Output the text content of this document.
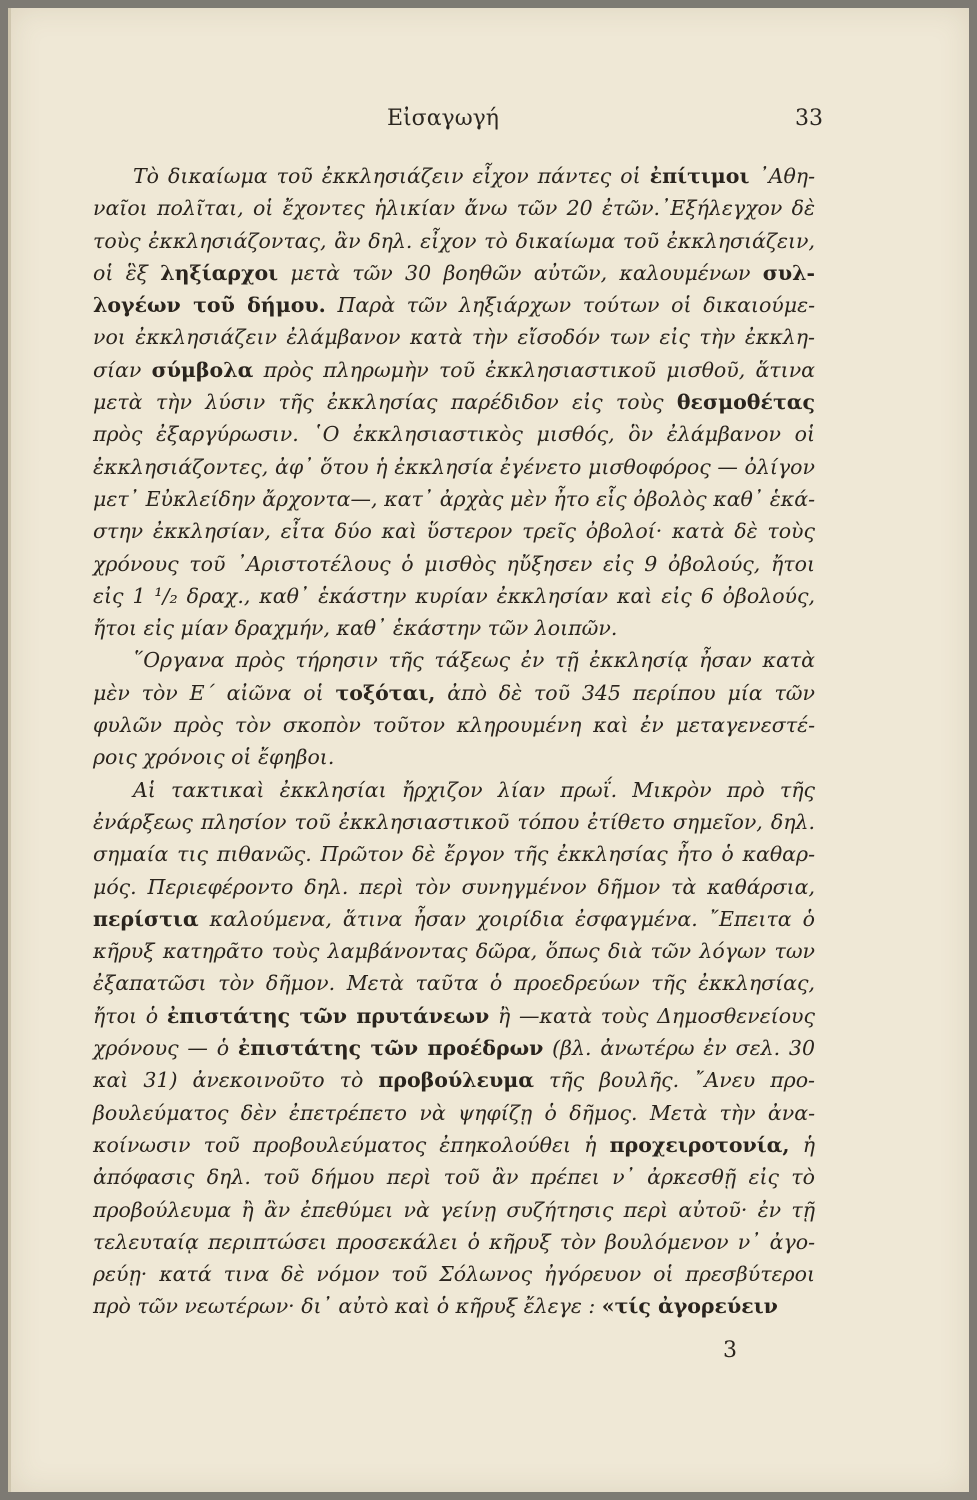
Εἰσαγωγή	33
Τὸ δικαίωμα τοῦ ἐκκλησιάζειν εἶχον πάντες οἱ ἐπίτιμοι ᾿Αθη-
ναῖοι πολῖται, οἱ ἔχοντες ἡλικίαν ἄνω τῶν 20 ἐτῶν.᾿Εξήλεγχον δὲ
τοὺς ἐκκλησιάζοντας, ἂν δηλ. εἶχον τὸ δικαίωμα τοῦ ἐκκλησιάζειν,
οἱ ἓξ ληξίαρχοι μετὰ τῶν 30 βοηθῶν αὐτῶν, καλουμένων συλ-
λογέων τοῦ δήμου. Παρὰ τῶν ληξιάρχων τούτων οἱ δικαιούμε-
νοι ἐκκλησιάζειν ἐλάμβανον κατὰ τὴν εἴσοδόν των εἰς τὴν ἐκκλη-
σίαν σύμβολα πρὸς πληρωμὴν τοῦ ἐκκλησιαστικοῦ μισθοῦ, ἅτινα
μετὰ τὴν λύσιν τῆς ἐκκλησίας παρέδιδον εἰς τοὺς θεσμοθέτας
πρὸς ἐξαργύρωσιν. ῾Ο ἐκκλησιαστικὸς μισθός, ὃν ἐλάμβανον οἱ
ἐκκλησιάζοντες, ἀφ᾿ ὅτου ἡ ἐκκλησία ἐγένετο μισθοφόρος — ὀλίγον
μετ᾿ Εὐκλείδην ἄρχοντα—, κατ᾿ ἀρχὰς μὲν ἦτο εἷς ὀβολὸς καθ᾿ ἑκά-
στην ἐκκλησίαν, εἶτα δύο καὶ ὕστερον τρεῖς ὀβολοί· κατὰ δὲ τοὺς
χρόνους τοῦ ᾿Αριστοτέλους ὁ μισθὸς ηὔξησεν εἰς 9 ὀβολούς, ἤτοι
εἰς 1 ¹/₂ δραχ., καθ᾿ ἑκάστην κυρίαν ἐκκλησίαν καὶ εἰς 6 ὀβολούς,
ἤτοι εἰς μίαν δραχμήν, καθ᾿ ἑκάστην τῶν λοιπῶν.
῞Οργανα πρὸς τήρησιν τῆς τάξεως ἐν τῇ ἐκκλησίᾳ ἦσαν κατὰ
μὲν τὸν Ε΄ αἰῶνα οἱ τοξόται, ἀπὸ δὲ τοῦ 345 περίπου μία τῶν
φυλῶν πρὸς τὸν σκοπὸν τοῦτον κληρουμένη καὶ ἐν μεταγενεστέ-
ροις χρόνοις οἱ ἔφηβοι.
Αἱ τακτικαὶ ἐκκλησίαι ἤρχιζον λίαν πρωΐ. Μικρὸν πρὸ τῆς
ἐνάρξεως πλησίον τοῦ ἐκκλησιαστικοῦ τόπου ἐτίθετο σημεῖον, δηλ.
σημαία τις πιθανῶς. Πρῶτον δὲ ἔργον τῆς ἐκκλησίας ἦτο ὁ καθαρ-
μός. Περιεφέροντο δηλ. περὶ τὸν συνηγμένον δῆμον τὰ καθάρσια,
περίστια καλούμενα, ἅτινα ἦσαν χοιρίδια ἐσφαγμένα. ῎Επειτα ὁ
κῆρυξ κατηρᾶτο τοὺς λαμβάνοντας δῶρα, ὅπως διὰ τῶν λόγων των
ἐξαπατῶσι τὸν δῆμον. Μετὰ ταῦτα ὁ προεδρεύων τῆς ἐκκλησίας,
ἤτοι ὁ ἐπιστάτης τῶν πρυτάνεων ἢ —κατὰ τοὺς Δημοσθενείους
χρόνους — ὁ ἐπιστάτης τῶν προέδρων (βλ. ἀνωτέρω ἐν σελ. 30
καὶ 31) ἀνεκοινοῦτο τὸ προβούλευμα τῆς βουλῆς. ῎Ανευ προ-
βουλεύματος δὲν ἐπετρέπετο νὰ ψηφίζῃ ὁ δῆμος. Μετὰ τὴν ἀνα-
κοίνωσιν τοῦ προβουλεύματος ἐπηκολούθει ἡ προχειροτονία, ἡ
ἀπόφασις δηλ. τοῦ δήμου περὶ τοῦ ἂν πρέπει ν᾿ ἀρκεσθῇ εἰς τὸ
προβούλευμα ἢ ἂν ἐπεθύμει νὰ γείνῃ συζήτησις περὶ αὐτοῦ· ἐν τῇ
τελευταίᾳ περιπτώσει προσεκάλει ὁ κῆρυξ τὸν βουλόμενον ν᾿ ἀγο-
ρεύῃ· κατά τινα δὲ νόμον τοῦ Σόλωνος ἠγόρευον οἱ πρεσβύτεροι
πρὸ τῶν νεωτέρων· δι᾿ αὐτὸ καὶ ὁ κῆρυξ ἔλεγε : «τίς ἀγορεύειν
3
